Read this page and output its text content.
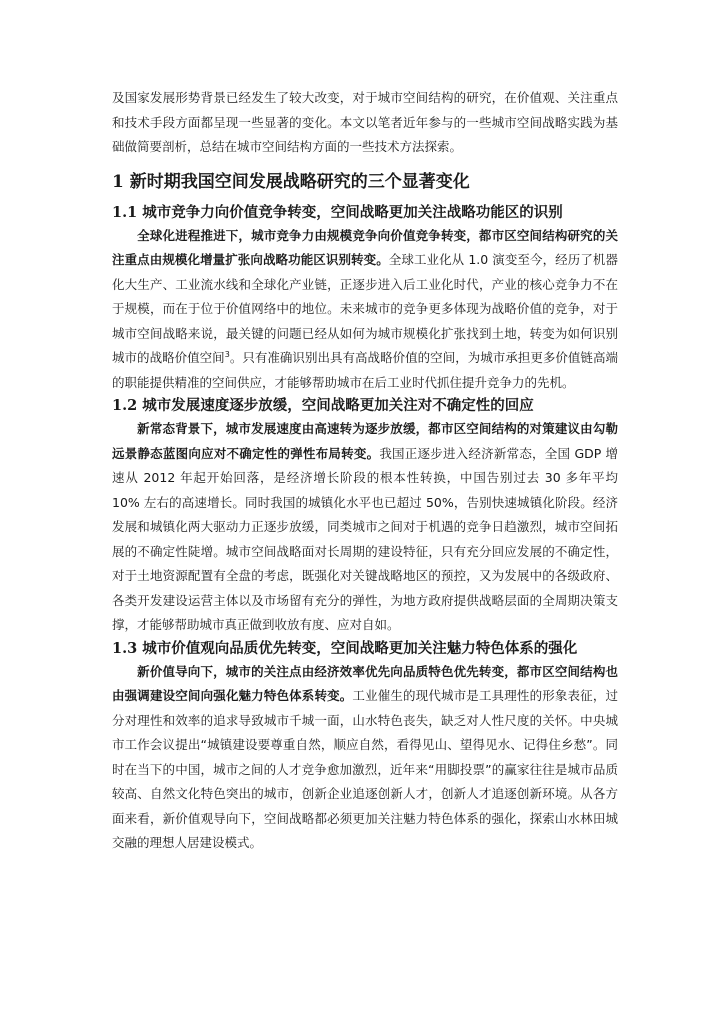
及国家发展形势背景已经发生了较大改变，对于城市空间结构的研究，在价值观、关注重点和技术手段方面都呈现一些显著的变化。本文以笔者近年参与的一些城市空间战略实践为基础做简要剖析，总结在城市空间结构方面的一些技术方法探索。

1 新时期我国空间发展战略研究的三个显著变化
1.1 城市竞争力向价值竞争转变，空间战略更加关注战略功能区的识别

全球化进程推进下，城市竞争力由规模竞争向价值竞争转变，都市区空间结构研究的关注重点由规模化增量扩张向战略功能区识别转变。全球工业化从 1.0 演变至今，经历了机器化大生产、工业流水线和全球化产业链，正逐步进入后工业化时代，产业的核心竞争力不在于规模，而在于位于价值网络中的地位。未来城市的竞争更多体现为战略价值的竞争，对于城市空间战略来说，最关键的问题已经从如何为城市规模化扩张找到土地，转变为如何识别城市的战略价值空间$^3$。只有准确识别出具有高战略价值的空间，为城市承担更多价值链高端的职能提供精准的空间供应，才能够帮助城市在后工业时代抓住提升竞争力的先机。

1.2 城市发展速度逐步放缓，空间战略更加关注对不确定性的回应

新常态背景下，城市发展速度由高速转为逐步放缓，都市区空间结构的对策建议由勾勒远景静态蓝图向应对不确定性的弹性布局转变。我国正逐步进入经济新常态，全国 GDP 增速从 2012 年起开始回落，是经济增长阶段的根本性转换，中国告别过去 30 多年平均 10% 左右的高速增长。同时我国的城镇化水平也已超过 50%，告别快速城镇化阶段。经济发展和城镇化两大驱动力正逐步放缓，同类城市之间对于机遇的竞争日趋激烈，城市空间拓展的不确定性陡增。城市空间战略面对长周期的建设特征，只有充分回应发展的不确定性，对于土地资源配置有全盘的考虑，既强化对关键战略地区的预控，又为发展中的各级政府、各类开发建设运营主体以及市场留有充分的弹性，为地方政府提供战略层面的全周期决策支撑，才能够帮助城市真正做到收放有度、应对自如。

1.3 城市价值观向品质优先转变，空间战略更加关注魅力特色体系的强化

新价值导向下，城市的关注点由经济效率优先向品质特色优先转变，都市区空间结构也由强调建设空间向强化魅力特色体系转变。工业催生的现代城市是工具理性的形象表征，过分对理性和效率的追求导致城市千城一面，山水特色丧失，缺乏对人性尺度的关怀。中央城市工作会议提出“城镇建设要尊重自然，顺应自然，看得见山、望得见水、记得住乡愁”。同时在当下的中国，城市之间的人才竞争愈加激烈，近年来“用脚投票”的赢家往往是城市品质较高、自然文化特色突出的城市，创新企业追逐创新人才，创新人才追逐创新环境。从各方面来看，新价值观导向下，空间战略都必须更加关注魅力特色体系的强化，探索山水林田城交融的理想人居建设模式。
